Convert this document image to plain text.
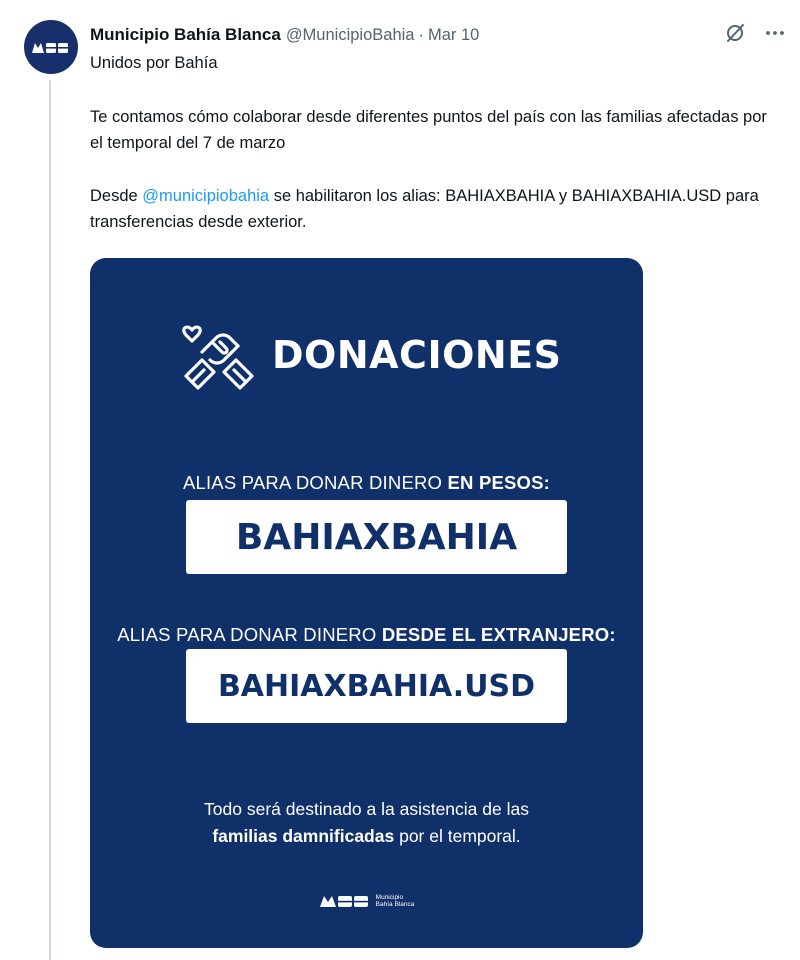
Municipio Bahía Blanca @MunicipioBahia · Mar 10
Unidos por Bahía
Te contamos cómo colaborar desde diferentes puntos del país con las familias afectadas por el temporal del 7 de marzo
Desde @municipiobahia se habilitaron los alias: BAHIAXBAHIA y BAHIAXBAHIA.USD para transferencias desde exterior.
DONACIONES
ALIAS PARA DONAR DINERO EN PESOS:
BAHIAXBAHIA
ALIAS PARA DONAR DINERO DESDE EL EXTRANJERO:
BAHIAXBAHIA.USD
Todo será destinado a la asistencia de las
familias damnificadas por el temporal.
Municipio
Bahía Blanca
